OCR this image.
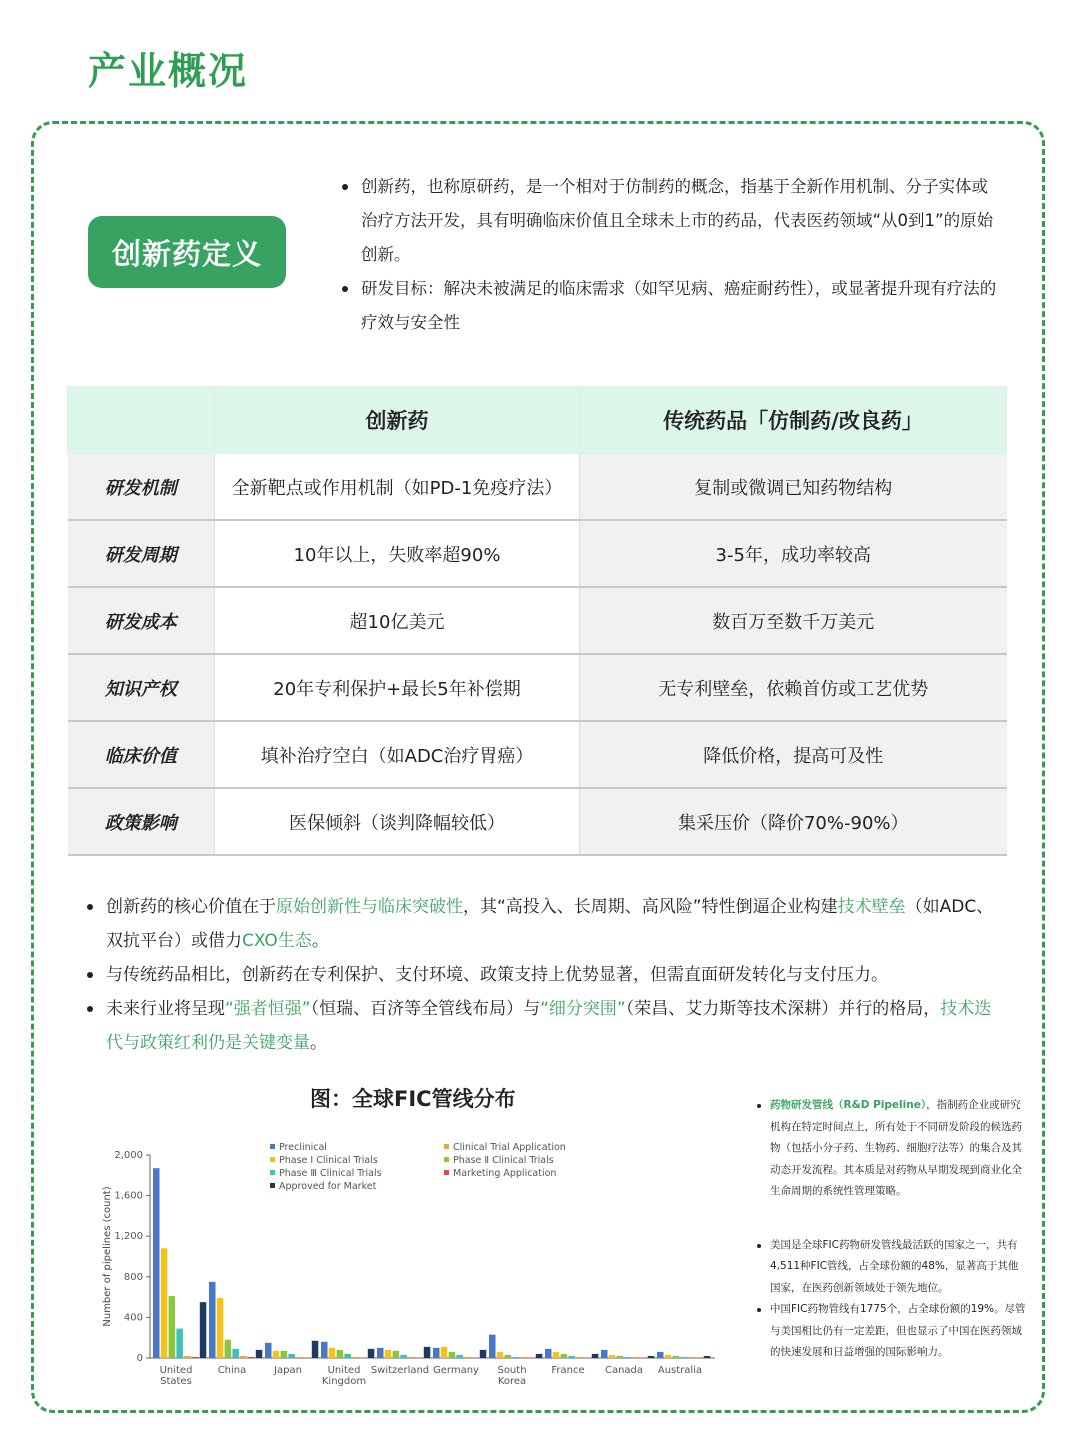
产业概况
创新药定义
创新药，也称原研药，是一个相对于仿制药的概念，指基于全新作用机制、分子实体或治疗方法开发，具有明确临床价值且全球未上市的药品，代表医药领域“从0到1”的原始创新。
研发目标：解决未被满足的临床需求（如罕见病、癌症耐药性），或显著提升现有疗法的疗效与安全性
	创新药	传统药品「仿制药/改良药」
研发机制	全新靶点或作用机制（如PD-1免疫疗法）	复制或微调已知药物结构
研发周期	10年以上，失败率超90%	3-5年，成功率较高
研发成本	超10亿美元	数百万至数千万美元
知识产权	20年专利保护+最长5年补偿期	无专利壁垒，依赖首仿或工艺优势
临床价值	填补治疗空白（如ADC治疗胃癌）	降低价格，提高可及性
政策影响	医保倾斜（谈判降幅较低）	集采压价（降价70%-90%）
创新药的核心价值在于原始创新性与临床突破性，其“高投入、长周期、高风险”特性倒逼企业构建技术壁垒（如ADC、双抗平台）或借力CXO生态。
与传统药品相比，创新药在专利保护、支付环境、政策支持上优势显著，但需直面研发转化与支付压力。
未来行业将呈现“强者恒强”（恒瑞、百济等全管线布局）与“细分突围”（荣昌、艾力斯等技术深耕）并行的格局，技术迭代与政策红利仍是关键变量。
图：全球FIC管线分布
0
400
800
1,200
1,600
2,000
Number of pipelines (count)
United
States
China	Japan	United
Kingdom
Switzerland Germany South
Korea
France Canada Australia
Preclinical
Phase Ⅰ Clinical Trials
Phase Ⅲ Clinical Trials
Approved for Market
Clinical Trial Application
Phase Ⅱ Clinical Trials
Marketing Application
药物研发管线（R&D Pipeline），指制药企业或研究机构在特定时间点上，所有处于不同研发阶段的候选药物（包括小分子药、生物药、细胞疗法等）的集合及其动态开发流程。其本质是对药物从早期发现到商业化全生命周期的系统性管理策略。
美国是全球FIC药物研发管线最活跃的国家之一，共有4,511种FIC管线，占全球份额的48%，显著高于其他国家，在医药创新领域处于领先地位。
中国FIC药物管线有1775个，占全球份额的19%。尽管与美国相比仍有一定差距，但也显示了中国在医药领域的快速发展和日益增强的国际影响力。
